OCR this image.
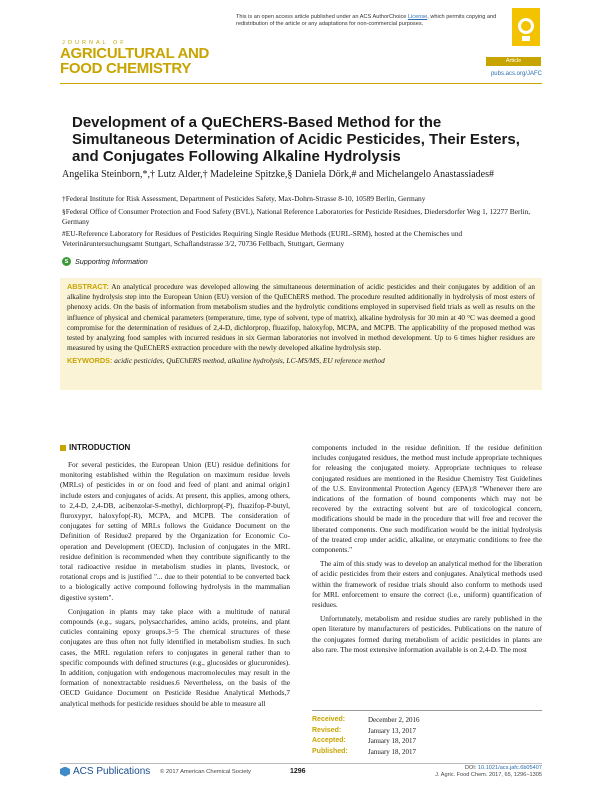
This is an open access article published under an ACS AuthorChoice License, which permits copying and redistribution of the article or any adaptations for non-commercial purposes.
JOURNAL OF
AGRICULTURAL AND
FOOD CHEMISTRY	Article
pubs.acs.org/JAFC
Development of a QuEChERS-Based Method for the Simultaneous Determination of Acidic Pesticides, Their Esters, and Conjugates Following Alkaline Hydrolysis
Angelika Steinborn,*,† Lutz Alder,† Madeleine Spitzke,§ Daniela Dörk,# and Michelangelo Anastassiades#
†Federal Institute for Risk Assessment, Department of Pesticides Safety, Max-Dohrn-Strasse 8-10, 10589 Berlin, Germany
§Federal Office of Consumer Protection and Food Safety (BVL), National Reference Laboratories for Pesticide Residues, Diedersdorfer Weg 1, 12277 Berlin, Germany
#EU-Reference Laboratory for Residues of Pesticides Requiring Single Residue Methods (EURL-SRM), hosted at the Chemisches und Veterinäruntersuchungsamt Stuttgart, Schaflandstrasse 3/2, 70736 Fellbach, Stuttgart, Germany
s Supporting Information
ABSTRACT: An analytical procedure was developed allowing the simultaneous determination of acidic pesticides and their conjugates by addition of an alkaline hydrolysis step into the European Union (EU) version of the QuEChERS method. The procedure resulted additionally in hydrolysis of most esters of phenoxy acids. On the basis of information from metabolism studies and the hydrolytic conditions employed in supervised field trials as well as results on the influence of physical and chemical parameters (temperature, time, type of solvent, type of matrix), alkaline hydrolysis for 30 min at 40 °C was deemed a good compromise for the determination of residues of 2,4-D, dichlorprop, fluazifop, haloxyfop, MCPA, and MCPB. The applicability of the proposed method was tested by analyzing food samples with incurred residues in six German laboratories not involved in method development. Up to 6 times higher residues are measured by using the QuEChERS extraction procedure with the newly developed alkaline hydrolysis step.
KEYWORDS: acidic pesticides, QuEChERS method, alkaline hydrolysis, LC-MS/MS, EU reference method
INTRODUCTION

For several pesticides, the European Union (EU) residue definitions for monitoring established within the Regulation on maximum residue levels (MRLs) of pesticides in or on food and feed of plant and animal origin1 include esters and conjugates of acids. At present, this applies, among others, to 2,4-D, 2,4-DB, acibenzolar-S-methyl, dichlorprop(-P), fluazifop-P-butyl, fluroxypyr, haloxyfop(-R), MCPA, and MCPB. The consideration of conjugates for setting of MRLs follows the Guidance Document on the Definition of Residue2 prepared by the Organization for Economic Co-operation and Development (OECD). Inclusion of conjugates in the MRL residue definition is recommended when they contribute significantly to the total radioactive residue in metabolism studies in plants, livestock, or rotational crops and is justified "... due to their potential to be converted back to a biologically active compound following hydrolysis in the mammalian digestive system".

Conjugation in plants may take place with a multitude of natural compounds (e.g., sugars, polysaccharides, amino acids, proteins, and plant cuticles containing epoxy groups.3−5 The chemical structures of these conjugates are thus often not fully identified in metabolism studies. In such cases, the MRL regulation refers to conjugates in general rather than to specific compounds with defined structures (e.g., glucosides or glucuronides). In addition, conjugation with endogenous macromolecules may result in the formation of nonextractable residues.6 Nevertheless, on the basis of the OECD Guidance Document on Pesticide Residue Analytical Methods,7 analytical methods for pesticide residues should be able to measure all

components included in the residue definition. If the residue definition includes conjugated residues, the method must include appropriate techniques for releasing the conjugated moiety. Appropriate techniques to release conjugated residues are mentioned in the Residue Chemistry Test Guidelines of the U.S. Environmental Protection Agency (EPA):8 "Whenever there are indications of the formation of bound components which may not be recovered by the extracting solvent but are of toxicological concern, modifications should be made in the procedure that will free and recover the liberated components. One such modification would be the initial hydrolysis of the treated crop under acidic, alkaline, or enzymatic conditions to free the components."

The aim of this study was to develop an analytical method for the liberation of acidic pesticides from their esters and conjugates. Analytical methods used within the framework of residue trials should also conform to methods used for MRL enforcement to ensure the correct (i.e., uniform) quantification of residues.

Unfortunately, metabolism and residue studies are rarely published in the open literature by manufacturers of pesticides. Publications on the nature of the conjugates formed during metabolism of acidic pesticides in plants are also rare. The most extensive information available is on 2,4-D. The most

Received:	December 2, 2016
Revised:	January 13, 2017
Accepted:	January 18, 2017
Published:	January 18, 2017
ACS Publications © 2017 American Chemical Society	1296	DOI: 10.1021/acs.jafc.6b05407
J. Agric. Food Chem. 2017, 65, 1296−1305
